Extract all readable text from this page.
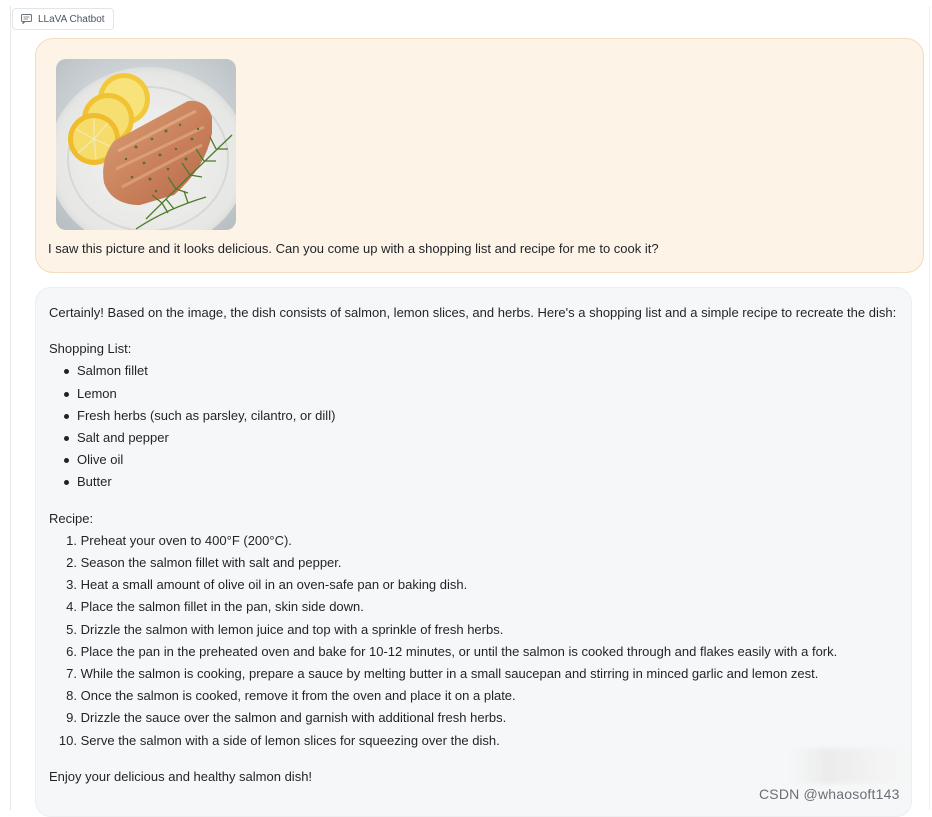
LLaVA Chatbot
I saw this picture and it looks delicious. Can you come up with a shopping list and recipe for me to cook it?

Certainly! Based on the image, the dish consists of salmon, lemon slices, and herbs. Here's a shopping list and a simple recipe to recreate the dish:

Shopping List:

Salmon fillet
Lemon
Fresh herbs (such as parsley, cilantro, or dill)
Salt and pepper
Olive oil
Butter

Recipe:

1.
Preheat your oven to 400°F (200°C).
2.
Season the salmon fillet with salt and pepper.
3.
Heat a small amount of olive oil in an oven-safe pan or baking dish.
4.
Place the salmon fillet in the pan, skin side down.
5.
Drizzle the salmon with lemon juice and top with a sprinkle of fresh herbs.
6.
Place the pan in the preheated oven and bake for 10-12 minutes, or until the salmon is cooked through and flakes easily with a fork.
7.
While the salmon is cooking, prepare a sauce by melting butter in a small saucepan and stirring in minced garlic and lemon zest.
8.
Once the salmon is cooked, remove it from the oven and place it on a plate.
9.
Drizzle the sauce over the salmon and garnish with additional fresh herbs.
10.
Serve the salmon with a side of lemon slices for squeezing over the dish.

Enjoy your delicious and healthy salmon dish!

CSDN @whaosoft143
